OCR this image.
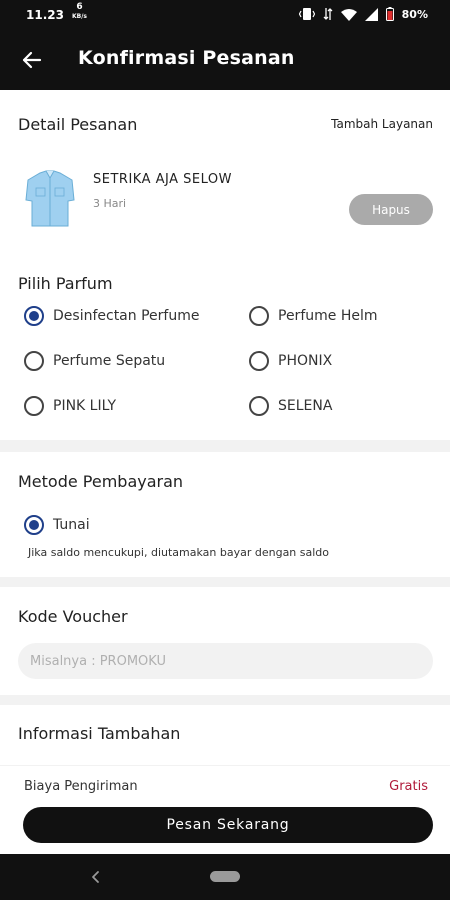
11.23
6
KB/s	80%
Konfirmasi Pesanan
Detail Pesanan	Tambah Layanan
SETRIKA AJA SELOW
3 Hari	Hapus
Pilih Parfum
Desinfectan Perfume	Perfume Helm
Perfume Sepatu	PHONIX
PINK LILY	SELENA
Metode Pembayaran
Tunai
Jika saldo mencukupi, diutamakan bayar dengan saldo
Kode Voucher
Misalnya : PROMOKU
Informasi Tambahan
Biaya Pengiriman	Gratis
Pesan Sekarang
